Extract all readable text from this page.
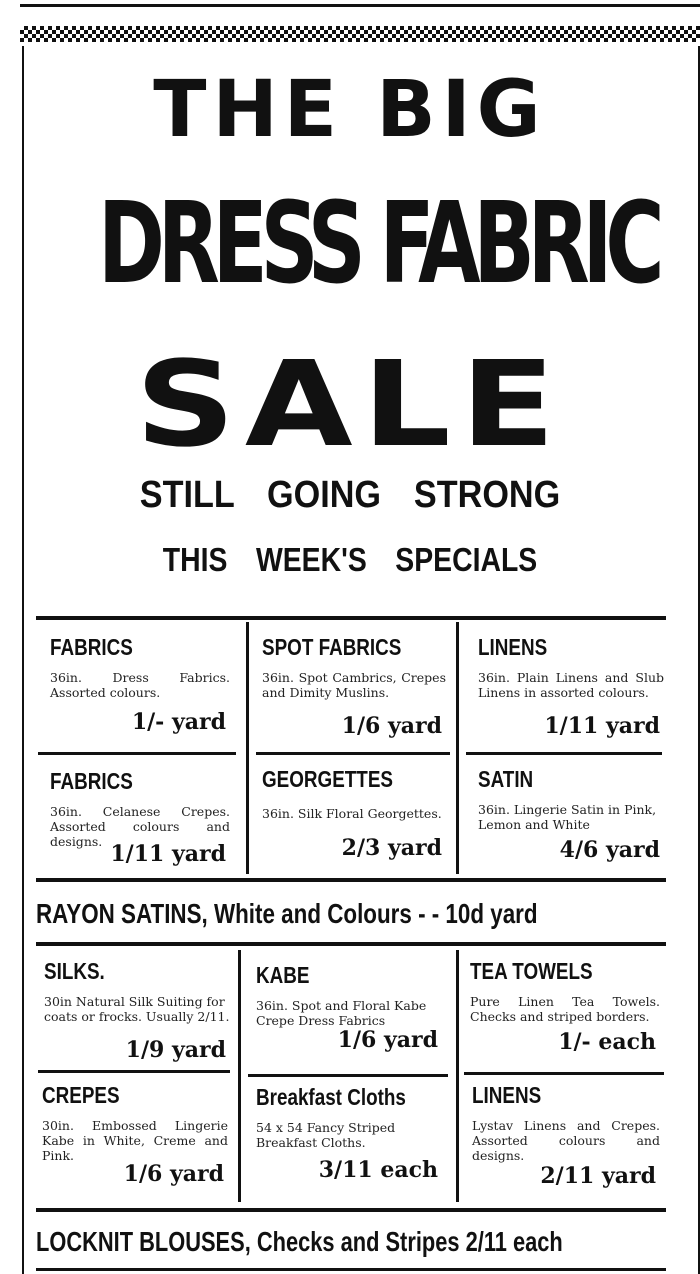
THE BIG
DRESS FABRIC
SALE
STILL GOING STRONG
THIS WEEK'S SPECIALS
FABRICS
36in. Dress Fabrics. Assorted colours.
1/- yard
SPOT FABRICS
36in. Spot Cambrics, Crepes and Dimity Muslins.
1/6 yard
LINENS
36in. Plain Linens and Slub Linens in assorted colours.
1/11 yard
FABRICS
36in. Celanese Crepes. Assorted colours and designs. 1/11 yard
GEORGETTES
36in. Silk Floral Georgettes.
2/3 yard
SATIN
36in. Lingerie Satin in Pink, Lemon and White
4/6 yard
RAYON SATINS, White and Colours - - 10d yard
SILKS.
30in Natural Silk Suiting for coats or frocks. Usually 2/11.
1/9 yard
KABE
36in. Spot and Floral Kabe Crepe Dress Fabrics
1/6 yard
TEA TOWELS
Pure Linen Tea Towels. Checks and striped borders.
1/- each
CREPES
30in. Embossed Lingerie Kabe in White, Creme and Pink.
1/6 yard
Breakfast Cloths
54 x 54 Fancy Striped Breakfast Cloths.
3/11 each
LINENS
Lystav Linens and Crepes. Assorted colours and designs.
2/11 yard
LOCKNIT BLOUSES, Checks and Stripes 2/11 each
